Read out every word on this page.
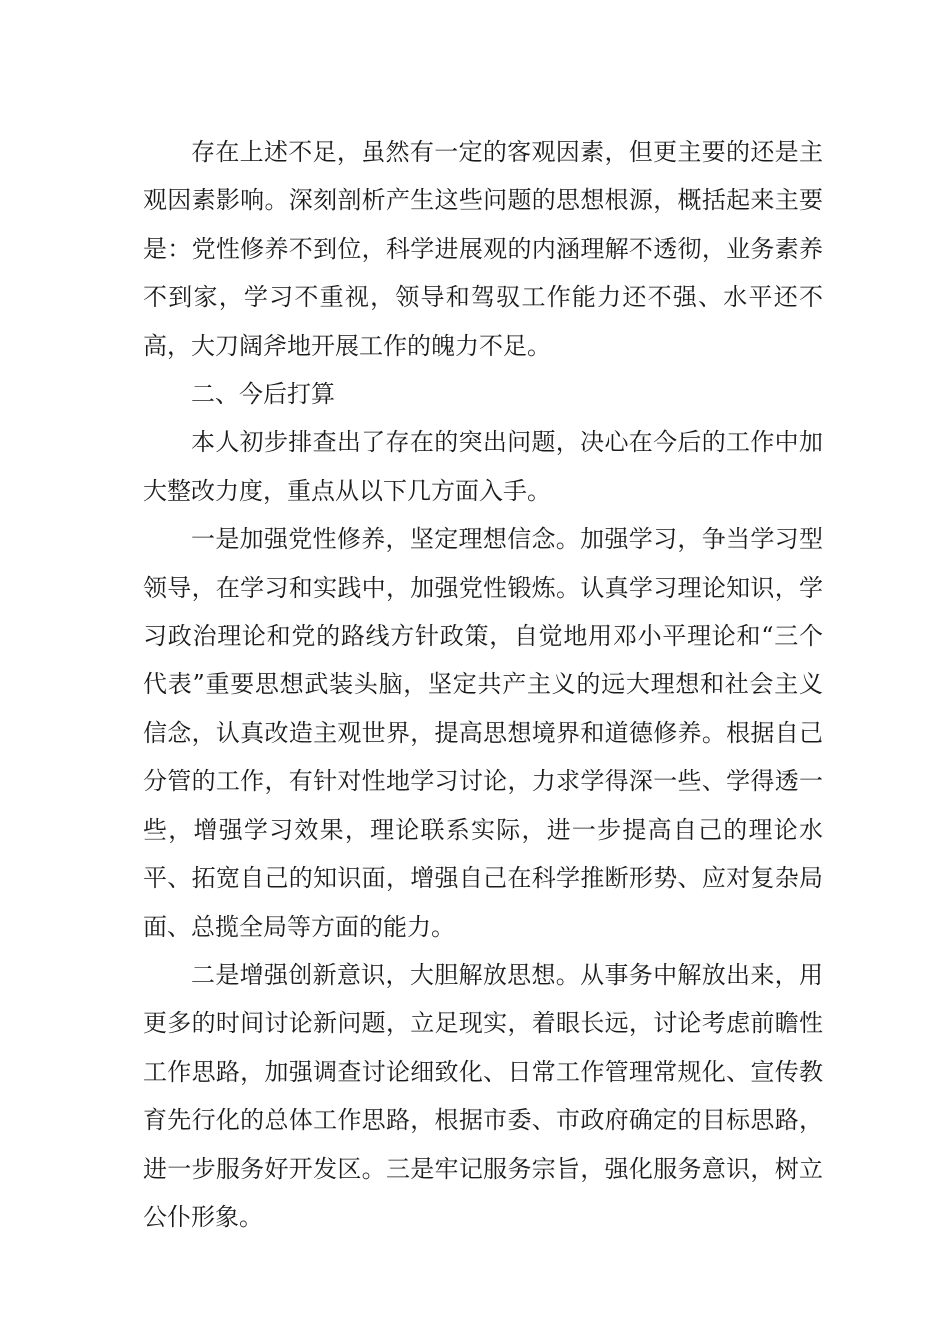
存在上述不足，虽然有一定的客观因素，但更主要的还是主观因素影响。深刻剖析产生这些问题的思想根源，概括起来主要是：党性修养不到位，科学进展观的内涵理解不透彻，业务素养不到家，学习不重视，领导和驾驭工作能力还不强、水平还不高，大刀阔斧地开展工作的魄力不足。

二、今后打算

本人初步排查出了存在的突出问题，决心在今后的工作中加大整改力度，重点从以下几方面入手。

一是加强党性修养，坚定理想信念。加强学习，争当学习型领导，在学习和实践中，加强党性锻炼。认真学习理论知识，学习政治理论和党的路线方针政策，自觉地用邓小平理论和“三个代表”重要思想武装头脑，坚定共产主义的远大理想和社会主义信念，认真改造主观世界，提高思想境界和道德修养。根据自己分管的工作，有针对性地学习讨论，力求学得深一些、学得透一些，增强学习效果，理论联系实际，进一步提高自己的理论水平、拓宽自己的知识面，增强自己在科学推断形势、应对复杂局面、总揽全局等方面的能力。

二是增强创新意识，大胆解放思想。从事务中解放出来，用更多的时间讨论新问题，立足现实，着眼长远，讨论考虑前瞻性工作思路，加强调查讨论细致化、日常工作管理常规化、宣传教育先行化的总体工作思路，根据市委、市政府确定的目标思路，进一步服务好开发区。三是牢记服务宗旨，强化服务意识，树立公仆形象。
